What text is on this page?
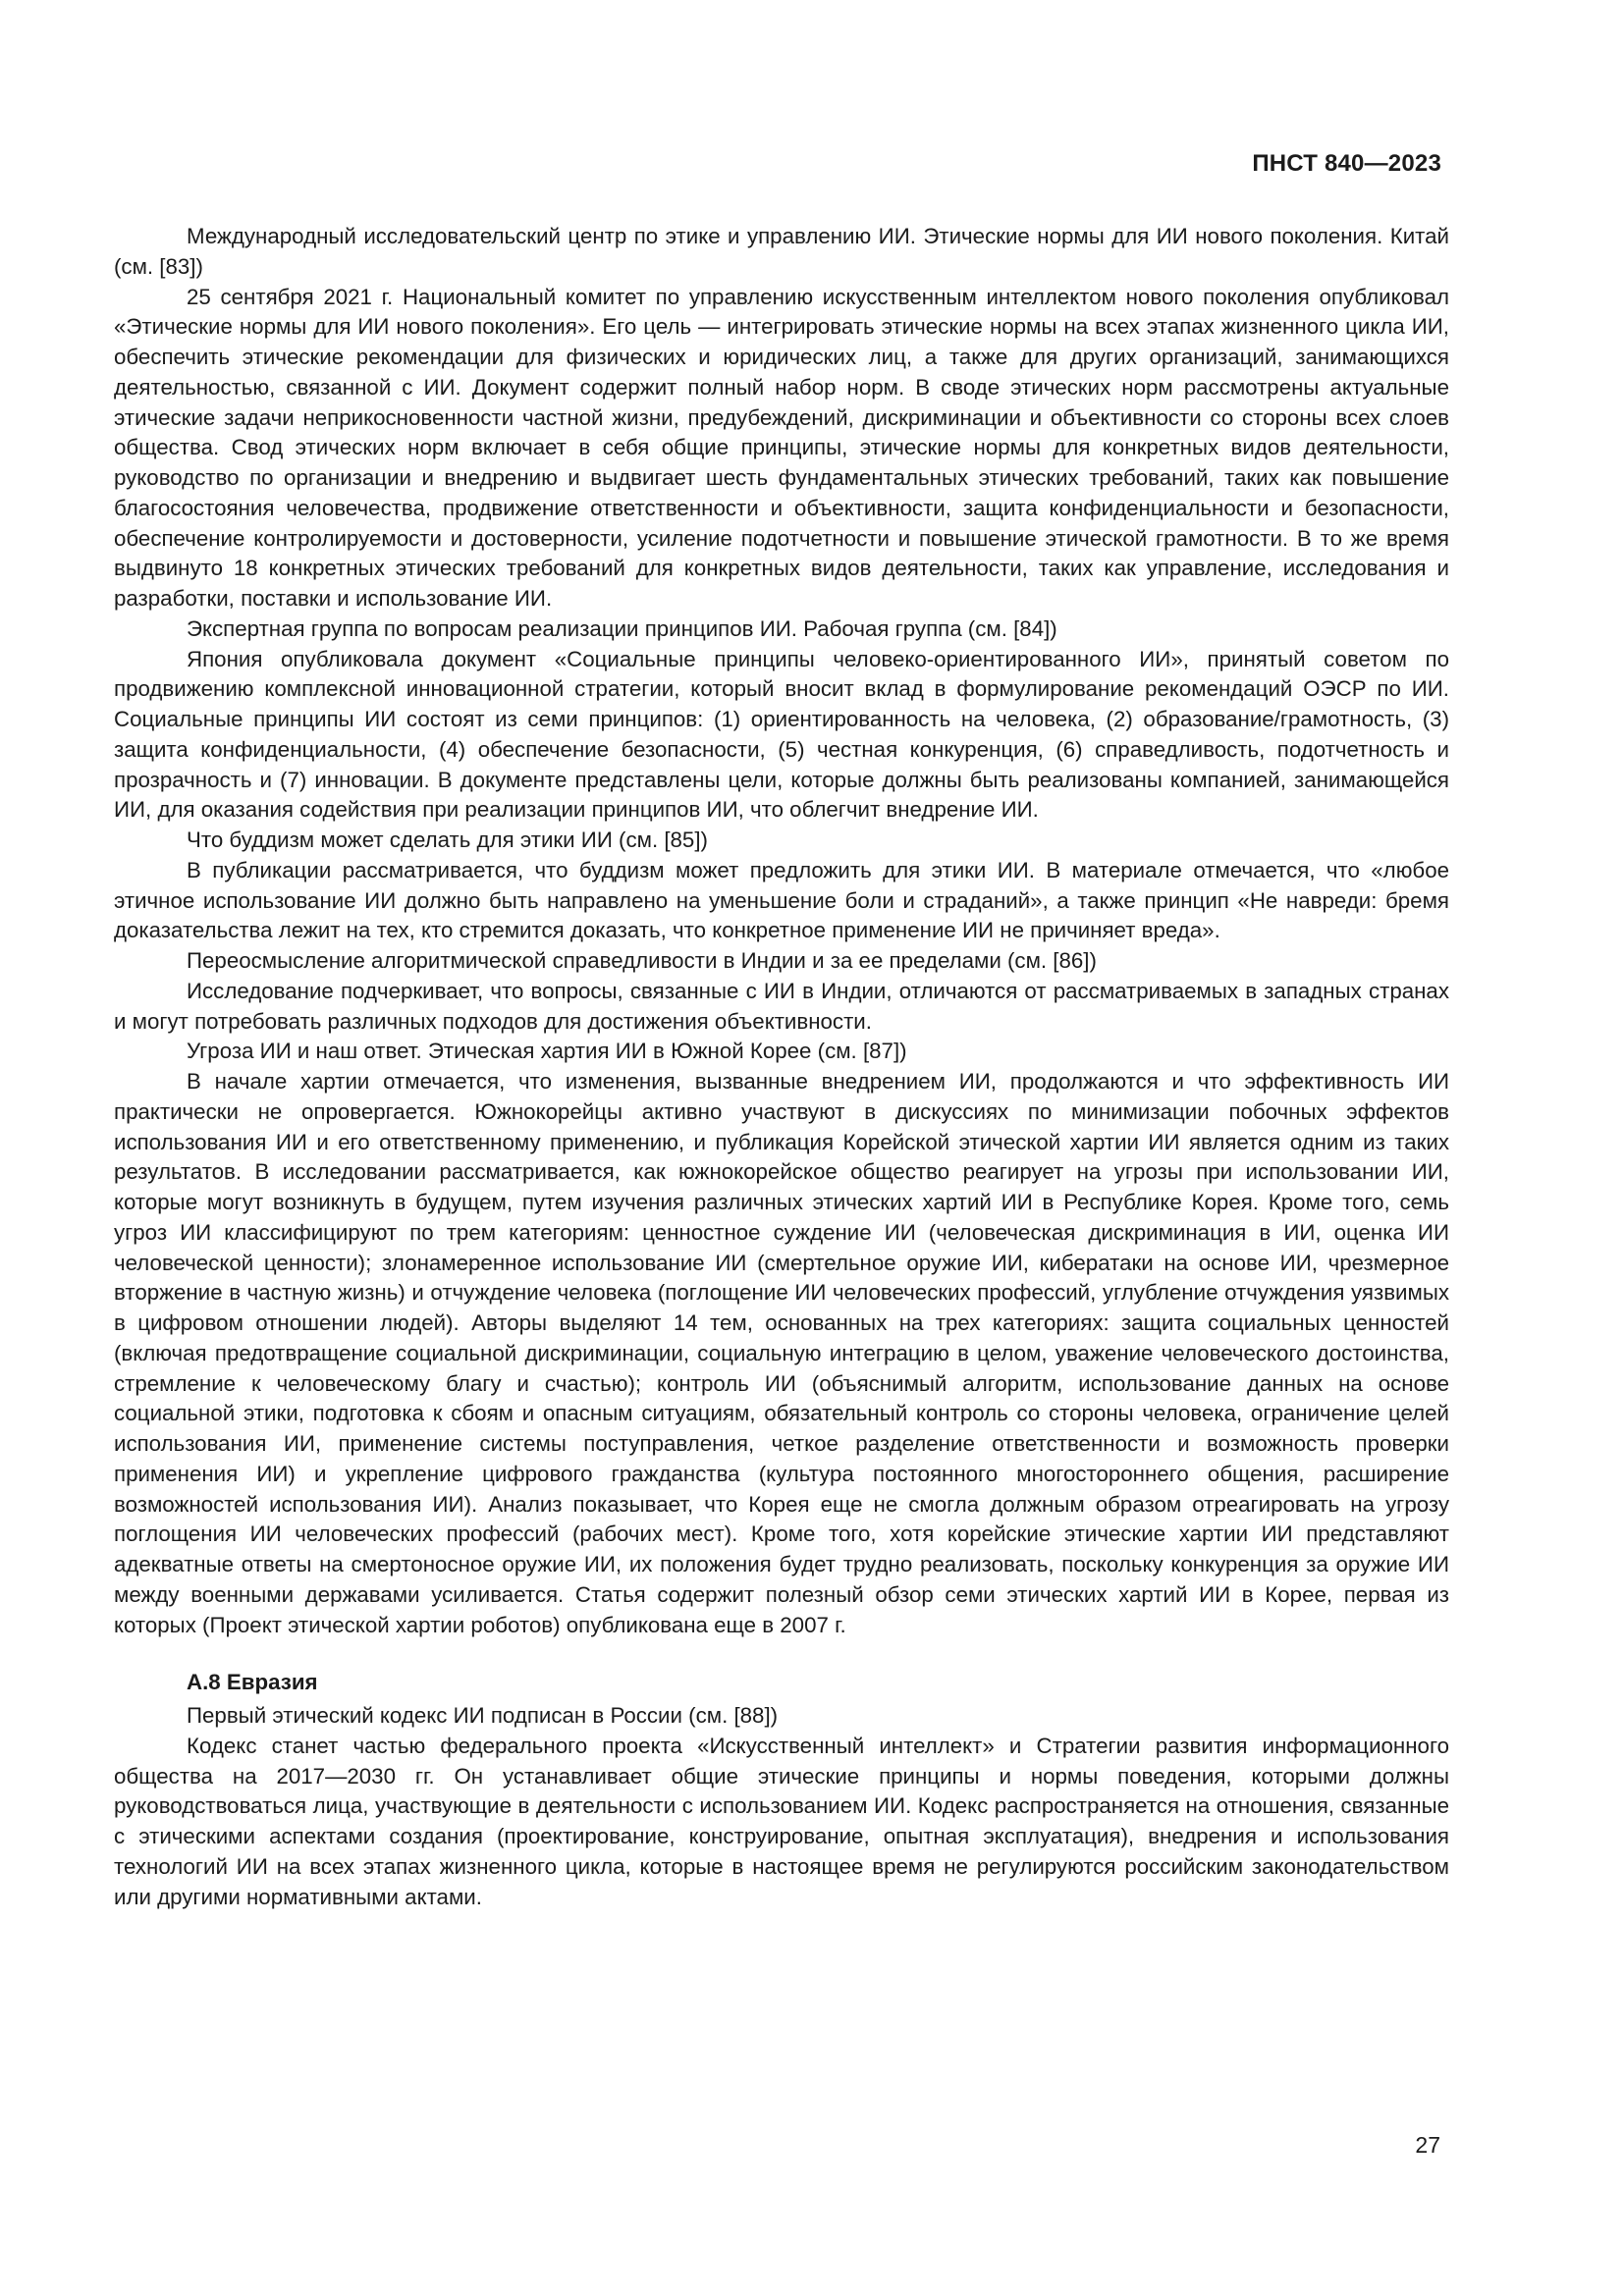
ПНСТ 840—2023

Международный исследовательский центр по этике и управлению ИИ. Этические нормы для ИИ нового поколения. Китай (см. [83])

25 сентября 2021 г. Национальный комитет по управлению искусственным интеллектом нового поколения опубликовал «Этические нормы для ИИ нового поколения». Его цель — интегрировать этические нормы на всех этапах жизненного цикла ИИ, обеспечить этические рекомендации для физических и юридических лиц, а также для других организаций, занимающихся деятельностью, связанной с ИИ. Документ содержит полный набор норм. В своде этических норм рассмотрены актуальные этические задачи неприкосновенности частной жизни, предубеждений, дискриминации и объективности со стороны всех слоев общества. Свод этических норм включает в себя общие принципы, этические нормы для конкретных видов деятельности, руководство по организации и внедрению и выдвигает шесть фундаментальных этических требований, таких как повышение благосостояния человечества, продвижение ответственности и объективности, защита конфиденциальности и безопасности, обеспечение контролируемости и достоверности, усиление подотчетности и повышение этической грамотности. В то же время выдвинуто 18 конкретных этических требований для конкретных видов деятельности, таких как управление, исследования и разработки, поставки и использование ИИ.

Экспертная группа по вопросам реализации принципов ИИ. Рабочая группа (см. [84])

Япония опубликовала документ «Социальные принципы человеко-ориентированного ИИ», принятый советом по продвижению комплексной инновационной стратегии, который вносит вклад в формулирование рекомендаций ОЭСР по ИИ. Социальные принципы ИИ состоят из семи принципов: (1) ориентированность на человека, (2) образование/грамотность, (3) защита конфиденциальности, (4) обеспечение безопасности, (5) честная конкуренция, (6) справедливость, подотчетность и прозрачность и (7) инновации. В документе представлены цели, которые должны быть реализованы компанией, занимающейся ИИ, для оказания содействия при реализации принципов ИИ, что облегчит внедрение ИИ.

Что буддизм может сделать для этики ИИ (см. [85])

В публикации рассматривается, что буддизм может предложить для этики ИИ. В материале отмечается, что «любое этичное использование ИИ должно быть направлено на уменьшение боли и страданий», а также принцип «Не навреди: бремя доказательства лежит на тех, кто стремится доказать, что конкретное применение ИИ не причиняет вреда».

Переосмысление алгоритмической справедливости в Индии и за ее пределами (см. [86])

Исследование подчеркивает, что вопросы, связанные с ИИ в Индии, отличаются от рассматриваемых в западных странах и могут потребовать различных подходов для достижения объективности.

Угроза ИИ и наш ответ. Этическая хартия ИИ в Южной Корее (см. [87])

В начале хартии отмечается, что изменения, вызванные внедрением ИИ, продолжаются и что эффективность ИИ практически не опровергается. Южнокорейцы активно участвуют в дискуссиях по минимизации побочных эффектов использования ИИ и его ответственному применению, и публикация Корейской этической хартии ИИ является одним из таких результатов. В исследовании рассматривается, как южнокорейское общество реагирует на угрозы при использовании ИИ, которые могут возникнуть в будущем, путем изучения различных этических хартий ИИ в Республике Корея. Кроме того, семь угроз ИИ классифицируют по трем категориям: ценностное суждение ИИ (человеческая дискриминация в ИИ, оценка ИИ человеческой ценности); злонамеренное использование ИИ (смертельное оружие ИИ, кибератаки на основе ИИ, чрезмерное вторжение в частную жизнь) и отчуждение человека (поглощение ИИ человеческих профессий, углубление отчуждения уязвимых в цифровом отношении людей). Авторы выделяют 14 тем, основанных на трех категориях: защита социальных ценностей (включая предотвращение социальной дискриминации, социальную интеграцию в целом, уважение человеческого достоинства, стремление к человеческому благу и счастью); контроль ИИ (объяснимый алгоритм, использование данных на основе социальной этики, подготовка к сбоям и опасным ситуациям, обязательный контроль со стороны человека, ограничение целей использования ИИ, применение системы поступравления, четкое разделение ответственности и возможность проверки применения ИИ) и укрепление цифрового гражданства (культура постоянного многостороннего общения, расширение возможностей использования ИИ). Анализ показывает, что Корея еще не смогла должным образом отреагировать на угрозу поглощения ИИ человеческих профессий (рабочих мест). Кроме того, хотя корейские этические хартии ИИ представляют адекватные ответы на смертоносное оружие ИИ, их положения будет трудно реализовать, поскольку конкуренция за оружие ИИ между военными державами усиливается. Статья содержит полезный обзор семи этических хартий ИИ в Корее, первая из которых (Проект этической хартии роботов) опубликована еще в 2007 г.

А.8 Евразия

Первый этический кодекс ИИ подписан в России (см. [88])

Кодекс станет частью федерального проекта «Искусственный интеллект» и Стратегии развития информационного общества на 2017—2030 гг. Он устанавливает общие этические принципы и нормы поведения, которыми должны руководствоваться лица, участвующие в деятельности с использованием ИИ. Кодекс распространяется на отношения, связанные с этическими аспектами создания (проектирование, конструирование, опытная эксплуатация), внедрения и использования технологий ИИ на всех этапах жизненного цикла, которые в настоящее время не регулируются российским законодательством или другими нормативными актами.

27
